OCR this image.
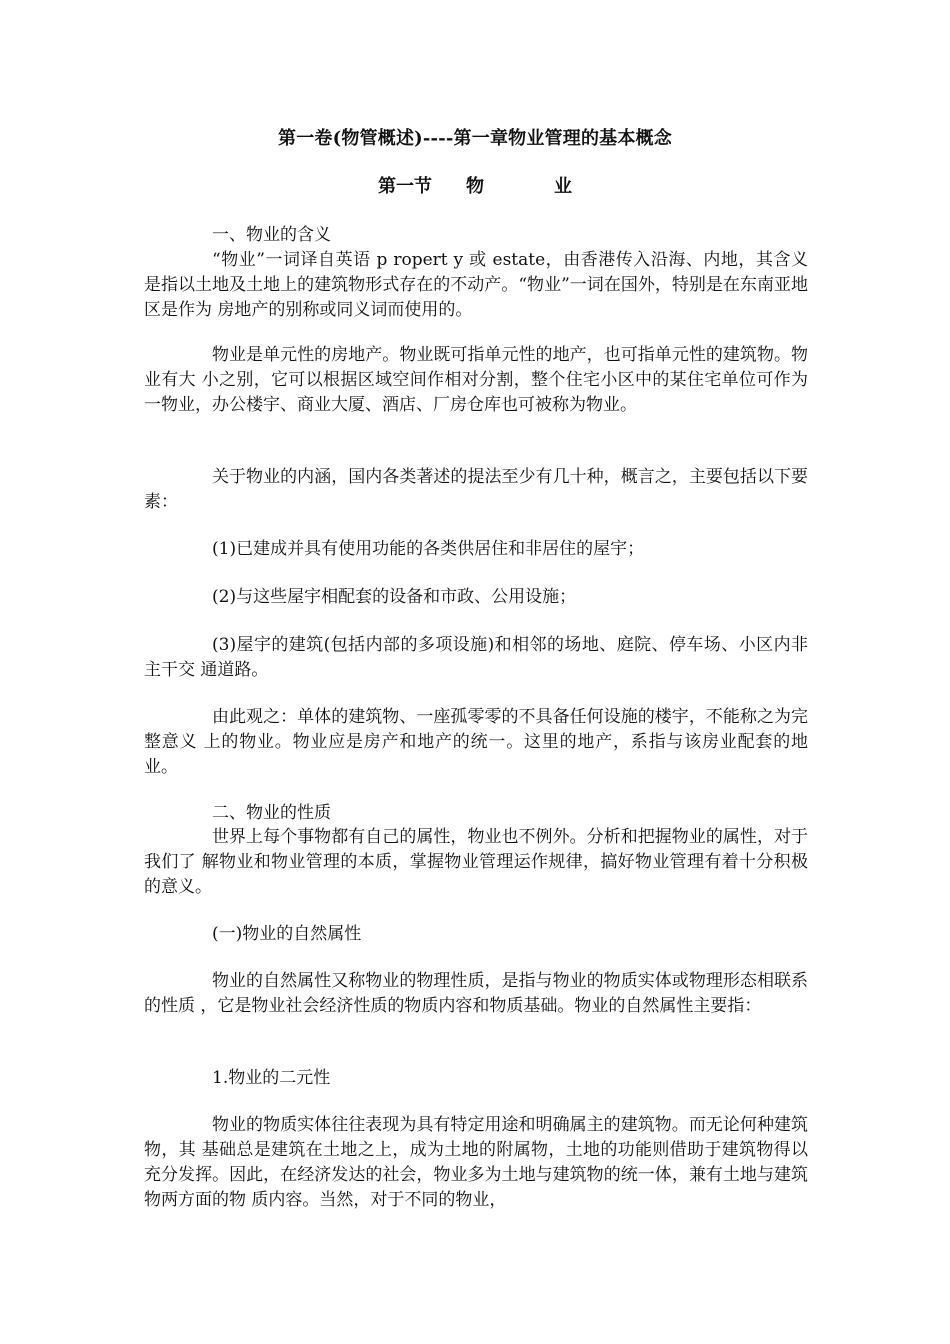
第一卷(物管概述)----第一章物业管理的基本概念
第一节 物	业

一、物业的含义

“物业”一词译自英语 p ropert y 或 estate，由香港传入沿海、内地，其含义是指以土地及土地上的建筑物形式存在的不动产。“物业”一词在国外，特别是在东南亚地区是作为 房地产的别称或同义词而使用的。

物业是单元性的房地产。物业既可指单元性的地产，也可指单元性的建筑物。物业有大 小之别，它可以根据区域空间作相对分割，整个住宅小区中的某住宅单位可作为一物业，办公楼宇、商业大厦、酒店、厂房仓库也可被称为物业。

关于物业的内涵，国内各类著述的提法至少有几十种，概言之，主要包括以下要素：

(1)已建成并具有使用功能的各类供居住和非居住的屋宇；

(2)与这些屋宇相配套的设备和市政、公用设施；

(3)屋宇的建筑(包括内部的多项设施)和相邻的场地、庭院、停车场、小区内非主干交 通道路。

由此观之：单体的建筑物、一座孤零零的不具备任何设施的楼宇，不能称之为完整意义 上的物业。物业应是房产和地产的统一。这里的地产，系指与该房业配套的地业。

二、物业的性质

世界上每个事物都有自己的属性，物业也不例外。分析和把握物业的属性，对于我们了 解物业和物业管理的本质，掌握物业管理运作规律，搞好物业管理有着十分积极的意义。

(一)物业的自然属性

物业的自然属性又称物业的物理性质，是指与物业的物质实体或物理形态相联系的性质 ，它是物业社会经济性质的物质内容和物质基础。物业的自然属性主要指：

1.物业的二元性

物业的物质实体往往表现为具有特定用途和明确属主的建筑物。而无论何种建筑物，其 基础总是建筑在土地之上，成为土地的附属物，土地的功能则借助于建筑物得以充分发挥。因此，在经济发达的社会，物业多为土地与建筑物的统一体，兼有土地与建筑物两方面的物 质内容。当然，对于不同的物业，
